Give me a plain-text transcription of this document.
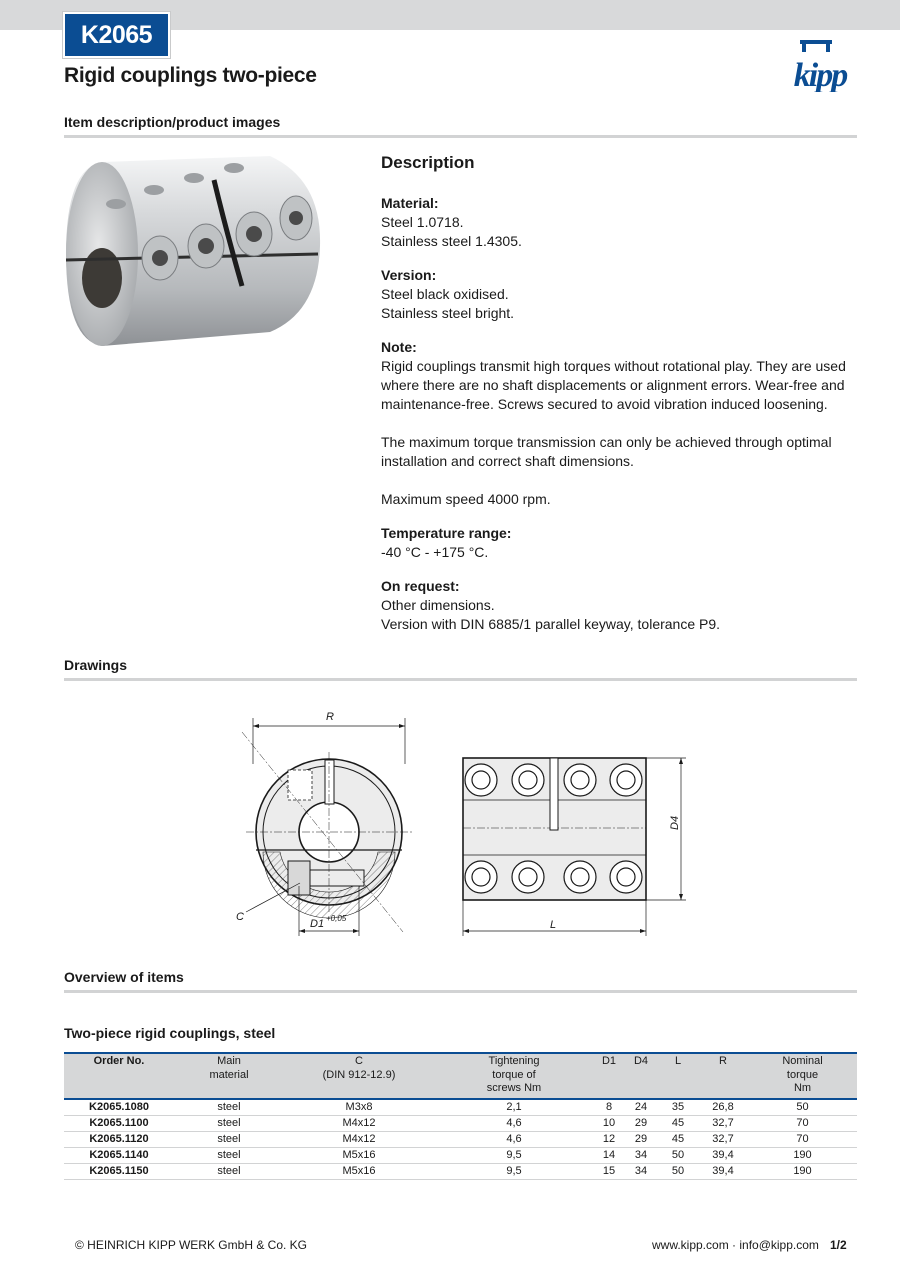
K2065
Rigid couplings two-piece	kipp
Item description/product images
Description
Material:
Steel 1.0718.
Stainless steel 1.4305.
Version:
Steel black oxidised.
Stainless steel bright.
Note:

Rigid couplings transmit high torques without rotational play. They are used where there are no shaft displacements or alignment errors. Wear-free and maintenance-free. Screws secured to avoid vibration induced loosening.

The maximum torque transmission can only be achieved through optimal installation and correct shaft dimensions.

Maximum speed 4000 rpm.

Temperature range:
-40 °C - +175 °C.
On request:
Other dimensions.
Version with DIN 6885/1 parallel keyway, tolerance P9.
Drawings
R
C
D1 +0,05
D4
L
Overview of items
Two-piece rigid couplings, steel
Order No.	Main
material	C
(DIN 912-12.9)	Tightening
torque of
screws Nm	D1	D4	L	R	Nominal
torque
Nm
K2065.1080	steel	M3x8	2,1	8	24	35	26,8	50
K2065.1100	steel	M4x12	4,6	10	29	45	32,7	70
K2065.1120	steel	M4x12	4,6	12	29	45	32,7	70
K2065.1140	steel	M5x16	9,5	14	34	50	39,4	190
K2065.1150	steel	M5x16	9,5	15	34	50	39,4	190
© HEINRICH KIPP WERK GmbH & Co. KG	www.kipp.com · info@kipp.com 1/2
